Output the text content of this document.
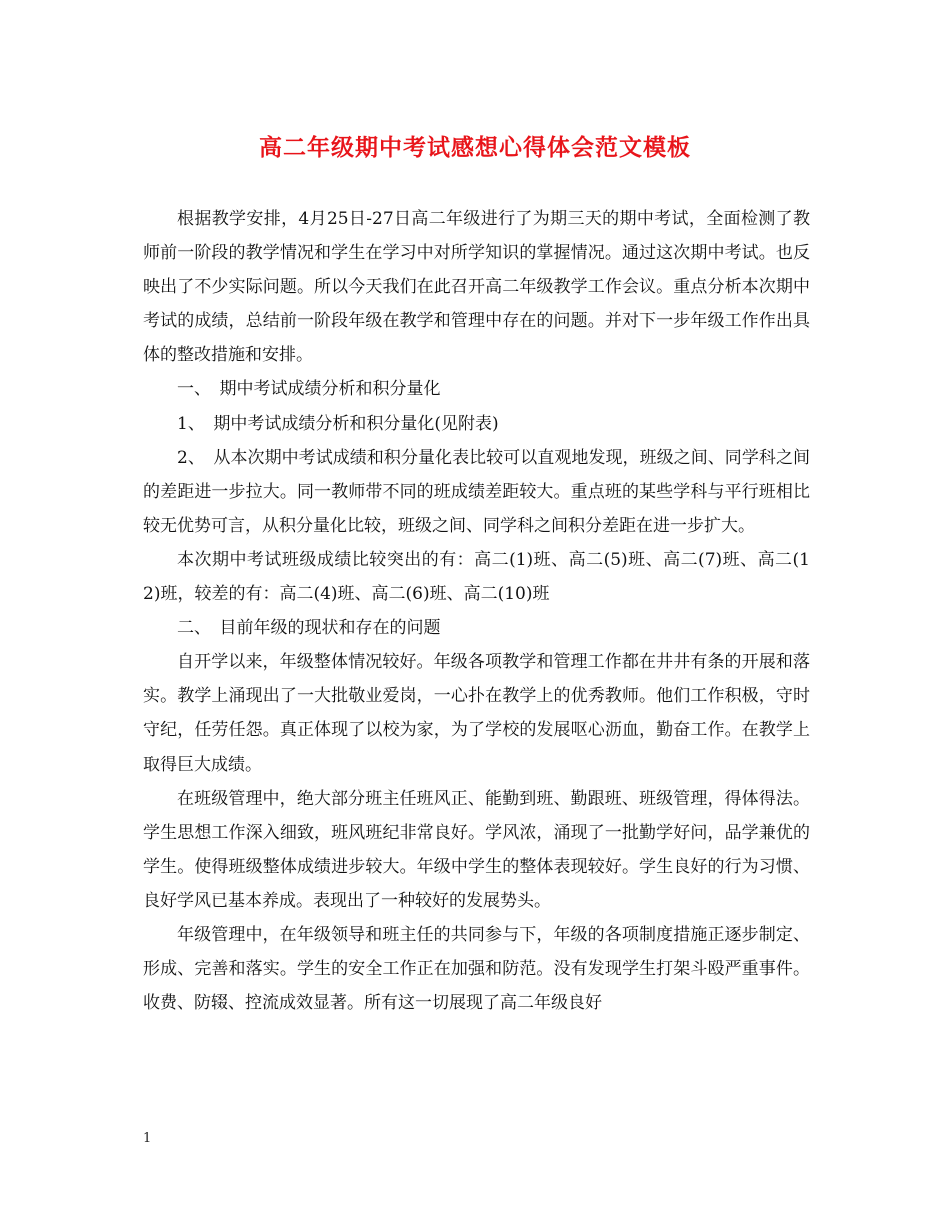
高二年级期中考试感想心得体会范文模板

根据教学安排，4月25日-27日高二年级进行了为期三天的期中考试，全面检测了教师前一阶段的教学情况和学生在学习中对所学知识的掌握情况。通过这次期中考试。也反映出了不少实际问题。所以今天我们在此召开高二年级教学工作会议。重点分析本次期中考试的成绩，总结前一阶段年级在教学和管理中存在的问题。并对下一步年级工作作出具体的整改措施和安排。

一、　期中考试成绩分析和积分量化

1、　期中考试成绩分析和积分量化(见附表)

2、　从本次期中考试成绩和积分量化表比较可以直观地发现，班级之间、同学科之间的差距进一步拉大。同一教师带不同的班成绩差距较大。重点班的某些学科与平行班相比较无优势可言，从积分量化比较，班级之间、同学科之间积分差距在进一步扩大。

本次期中考试班级成绩比较突出的有：高二(1)班、高二(5)班、高二(7)班、高二(12)班，较差的有：高二(4)班、高二(6)班、高二(10)班

二、　目前年级的现状和存在的问题

自开学以来，年级整体情况较好。年级各项教学和管理工作都在井井有条的开展和落实。教学上涌现出了一大批敬业爱岗，一心扑在教学上的优秀教师。他们工作积极，守时守纪，任劳任怨。真正体现了以校为家，为了学校的发展呕心沥血，勤奋工作。在教学上取得巨大成绩。

在班级管理中，绝大部分班主任班风正、能勤到班、勤跟班、班级管理，得体得法。学生思想工作深入细致，班风班纪非常良好。学风浓，涌现了一批勤学好问，品学兼优的学生。使得班级整体成绩进步较大。年级中学生的整体表现较好。学生良好的行为习惯、良好学风已基本养成。表现出了一种较好的发展势头。

年级管理中，在年级领导和班主任的共同参与下，年级的各项制度措施正逐步制定、形成、完善和落实。学生的安全工作正在加强和防范。没有发现学生打架斗殴严重事件。收费、防辍、控流成效显著。所有这一切展现了高二年级良好

1
